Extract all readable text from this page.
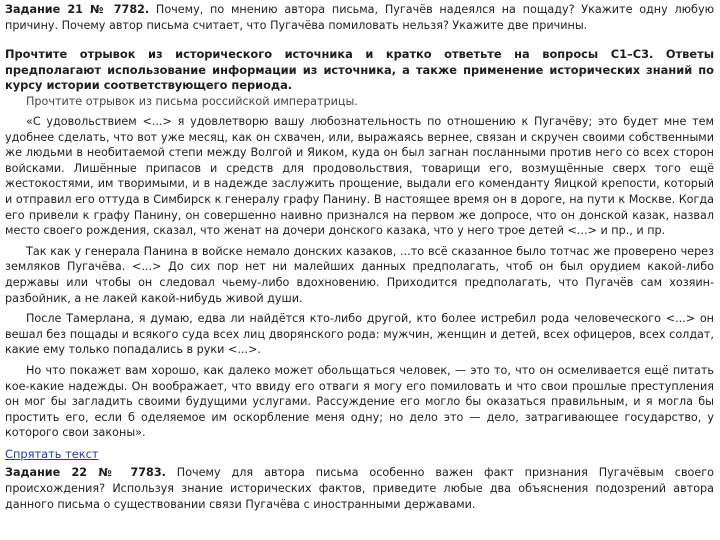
Задание 21 № 7782. Почему, по мнению автора письма, Пугачёв надеялся на пощаду? Укажите одну любую причину. Почему автор письма считает, что Пугачёва помиловать нельзя? Укажите две причины.

Прочтите отрывок из исторического источника и кратко ответьте на вопросы С1–С3. Ответы предполагают использование информации из источника, а также применение исторических знаний по курсу истории соответствующего периода.

Прочтите отрывок из письма российской императрицы.

«С удовольствием <...> я удовлетворю вашу любознательность по отношению к Пугачёву; это будет мне тем удобнее сделать, что вот уже месяц, как он схвачен, или, выражаясь вернее, связан и скручен своими собственными же людьми в необитаемой степи между Волгой и Яиком, куда он был загнан посланными против него со всех сторон войсками. Лишённые припасов и средств для продовольствия, товарищи его, возмущённые сверх того ещё жестокостями, им творимыми, и в надежде заслужить прощение, выдали его коменданту Яицкой крепости, который и отправил его оттуда в Симбирск к генералу графу Панину. В настоящее время он в дороге, на пути к Москве. Когда его привели к графу Панину, он совершенно наивно признался на первом же допросе, что он донской казак, назвал место своего рождения, сказал, что женат на дочери донского казака, что у него трое детей <...> и пр., и пр.

Так как у генерала Панина в войске немало донских казаков, ...то всё сказанное было тотчас же проверено через земляков Пугачёва. <...> До сих пор нет ни малейших данных предполагать, чтоб он был орудием какой-либо державы или чтобы он следовал чьему-либо вдохновению. Приходится предполагать, что Пугачёв сам хозяин-разбойник, а не лакей какой-нибудь живой души.

После Тамерлана, я думаю, едва ли найдётся кто-либо другой, кто более истребил рода человеческого <...> он вешал без пощады и всякого суда всех лиц дворянского рода: мужчин, женщин и детей, всех офицеров, всех солдат, какие ему только попадались в руки <...>.

Но что покажет вам хорошо, как далеко может обольщаться человек, — это то, что он осмеливается ещё питать кое-какие надежды. Он воображает, что ввиду его отваги я могу его помиловать и что свои прошлые преступления он мог бы загладить своими будущими услугами. Рассуждение его могло бы оказаться правильным, и я могла бы простить его, если б оделяемое им оскорбление меня одну; но дело это — дело, затрагивающее государство, у которого свои законы».

Спрятать текст

Задание 22 № 7783. Почему для автора письма особенно важен факт признания Пугачёвым своего происхождения? Используя знание исторических фактов, приведите любые два объяснения подозрений автора данного письма о существовании связи Пугачёва с иностранными державами.
